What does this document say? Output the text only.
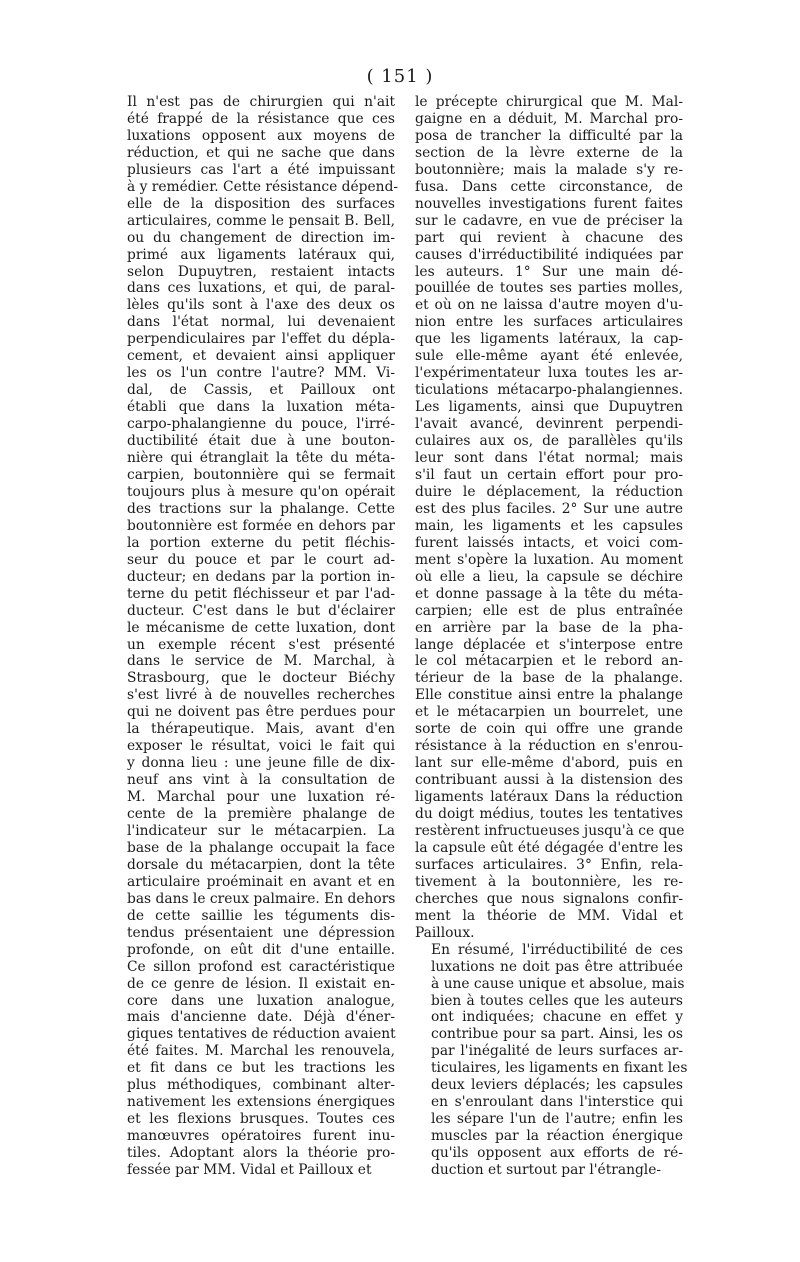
( 151 )

Il n'est pas de chirurgien qui n'ait
été frappé de la résistance que ces
luxations opposent aux moyens de
réduction, et qui ne sache que dans
plusieurs cas l'art a été impuissant
à y remédier. Cette résistance dépend-
elle de la disposition des surfaces
articulaires, comme le pensait B. Bell,
ou du changement de direction im-
primé aux ligaments latéraux qui,
selon Dupuytren, restaient intacts
dans ces luxations, et qui, de paral-
lèles qu'ils sont à l'axe des deux os
dans l'état normal, lui devenaient
perpendiculaires par l'effet du dépla-
cement, et devaient ainsi appliquer
les os l'un contre l'autre? MM. Vi-
dal, de Cassis, et Pailloux ont
établi que dans la luxation méta-
carpo-phalangienne du pouce, l'irré-
ductibilité était due à une bouton-
nière qui étranglait la tête du méta-
carpien, boutonnière qui se fermait
toujours plus à mesure qu'on opérait
des tractions sur la phalange. Cette
boutonnière est formée en dehors par
la portion externe du petit fléchis-
seur du pouce et par le court ad-
ducteur; en dedans par la portion in-
terne du petit fléchisseur et par l'ad-
ducteur. C'est dans le but d'éclairer
le mécanisme de cette luxation, dont
un exemple récent s'est présenté
dans le service de M. Marchal, à
Strasbourg, que le docteur Biéchy
s'est livré à de nouvelles recherches
qui ne doivent pas être perdues pour
la thérapeutique. Mais, avant d'en
exposer le résultat, voici le fait qui
y donna lieu : une jeune fille de dix-
neuf ans vint à la consultation de
M. Marchal pour une luxation ré-
cente de la première phalange de
l'indicateur sur le métacarpien. La
base de la phalange occupait la face
dorsale du métacarpien, dont la tête
articulaire proéminait en avant et en
bas dans le creux palmaire. En dehors
de cette saillie les téguments dis-
tendus présentaient une dépression
profonde, on eût dit d'une entaille.
Ce sillon profond est caractéristique
de ce genre de lésion. Il existait en-
core dans une luxation analogue,
mais d'ancienne date. Déjà d'éner-
giques tentatives de réduction avaient
été faites. M. Marchal les renouvela,
et fit dans ce but les tractions les
plus méthodiques, combinant alter-
nativement les extensions énergiques
et les flexions brusques. Toutes ces
manœuvres opératoires furent inu-
tiles. Adoptant alors la théorie pro-
fessée par MM. Vidal et Pailloux et

le précepte chirurgical que M. Mal-
gaigne en a déduit, M. Marchal pro-
posa de trancher la difficulté par la
section de la lèvre externe de la
boutonnière; mais la malade s'y re-
fusa. Dans cette circonstance, de
nouvelles investigations furent faites
sur le cadavre, en vue de préciser la
part qui revient à chacune des
causes d'irréductibilité indiquées par
les auteurs. 1° Sur une main dé-
pouillée de toutes ses parties molles,
et où on ne laissa d'autre moyen d'u-
nion entre les surfaces articulaires
que les ligaments latéraux, la cap-
sule elle-même ayant été enlevée,
l'expérimentateur luxa toutes les ar-
ticulations métacarpo-phalangiennes.
Les ligaments, ainsi que Dupuytren
l'avait avancé, devinrent perpendi-
culaires aux os, de parallèles qu'ils
leur sont dans l'état normal; mais
s'il faut un certain effort pour pro-
duire le déplacement, la réduction
est des plus faciles. 2° Sur une autre
main, les ligaments et les capsules
furent laissés intacts, et voici com-
ment s'opère la luxation. Au moment
où elle a lieu, la capsule se déchire
et donne passage à la tête du méta-
carpien; elle est de plus entraînée
en arrière par la base de la pha-
lange déplacée et s'interpose entre
le col métacarpien et le rebord an-
térieur de la base de la phalange.
Elle constitue ainsi entre la phalange
et le métacarpien un bourrelet, une
sorte de coin qui offre une grande
résistance à la réduction en s'enrou-
lant sur elle-même d'abord, puis en
contribuant aussi à la distension des
ligaments latéraux Dans la réduction
du doigt médius, toutes les tentatives
restèrent infructueuses jusqu'à ce que
la capsule eût été dégagée d'entre les
surfaces articulaires. 3° Enfin, rela-
tivement à la boutonnière, les re-
cherches que nous signalons confir-
ment la théorie de MM. Vidal et
Pailloux.

En résumé, l'irréductibilité de ces
luxations ne doit pas être attribuée
à une cause unique et absolue, mais
bien à toutes celles que les auteurs
ont indiquées; chacune en effet y
contribue pour sa part. Ainsi, les os
par l'inégalité de leurs surfaces ar-
ticulaires, les ligaments en fixant les
deux leviers déplacés; les capsules
en s'enroulant dans l'interstice qui
les sépare l'un de l'autre; enfin les
muscles par la réaction énergique
qu'ils opposent aux efforts de ré-
duction et surtout par l'étrangle-
